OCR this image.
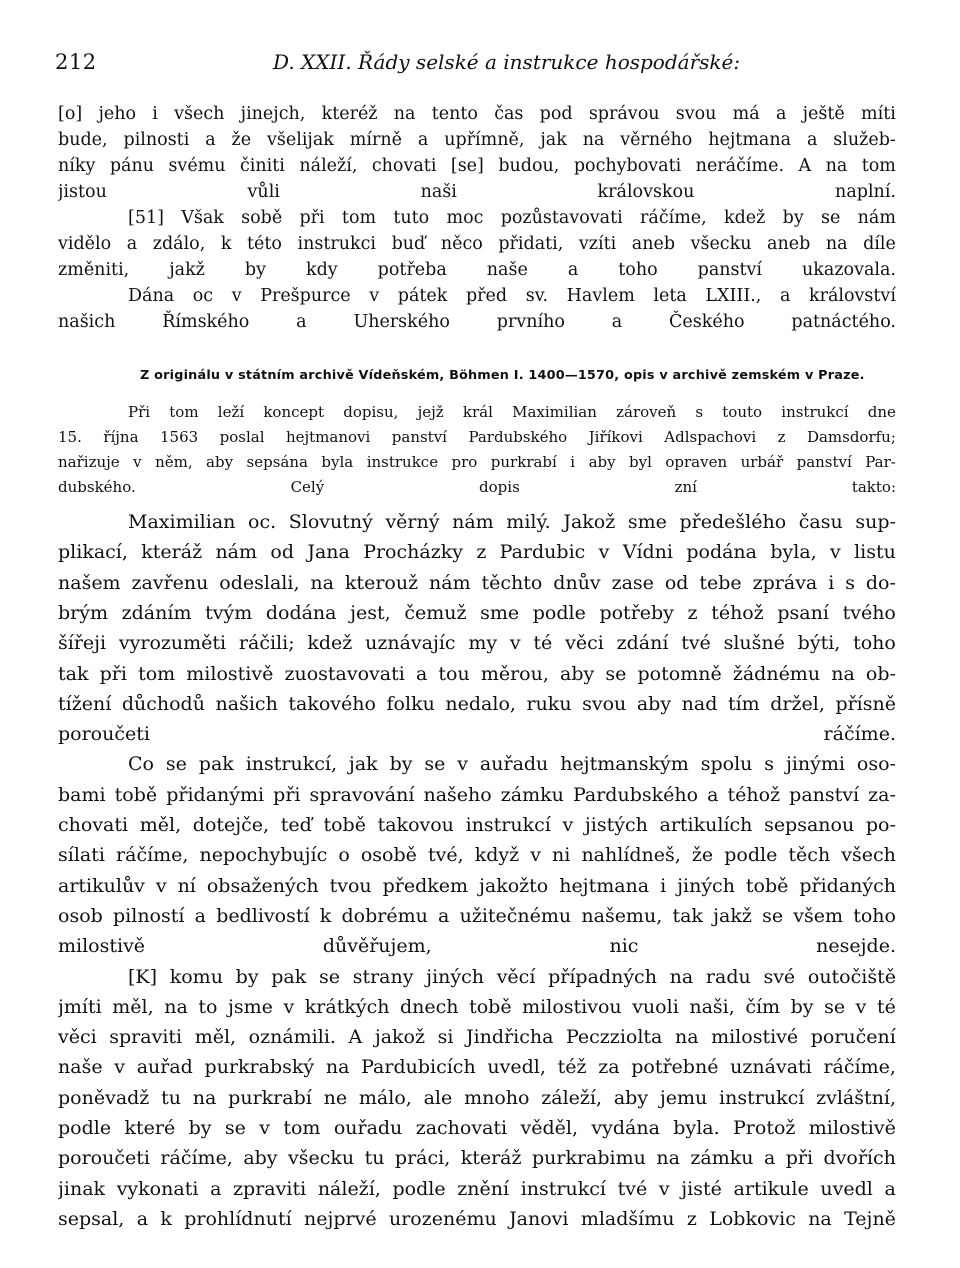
212	D. XXII. Řády selské a instrukce hospodářské:
[o] jeho i všech jinejch, kteréž na tento čas pod správou svou má a ještě míti
bude, pilnosti a že všelijak mírně a upřímně, jak na věrného hejtmana a služeb-
níky pánu svému činiti náleží, chovati [se] budou, pochybovati neráčíme. A na tom
jistou vůli naši královskou naplní.
[51] Však sobě při tom tuto moc pozůstavovati ráčíme, kdež by se nám
vidělo a zdálo, k této instrukci buď něco přidati, vzíti aneb všecku aneb na díle
změniti, jakž by kdy potřeba naše a toho panství ukazovala.
Dána oc v Prešpurce v pátek před sv. Havlem leta LXIII., a království
našich Římského a Uherského prvního a Českého patnáctého.
Z originálu v státním archivě Vídeňském, Böhmen I. 1400—1570, opis v archivě zemském v Praze.
Při tom leží koncept dopisu, jejž král Maximilian zároveň s touto instrukcí dne
15. října 1563 poslal hejtmanovi panství Pardubského Jiříkovi Adlspachovi z Damsdorfu;
nařizuje v něm, aby sepsána byla instrukce pro purkrabí i aby byl opraven urbář panství Par-
dubského. Celý dopis zní takto:
Maximilian oc. Slovutný věrný nám milý. Jakož sme předešlého času sup-
plikací, kteráž nám od Jana Procházky z Pardubic v Vídni podána byla, v listu
našem zavřenu odeslali, na kterouž nám těchto dnův zase od tebe zpráva i s do-
brým zdáním tvým dodána jest, čemuž sme podle potřeby z téhož psaní tvého
šířeji vyrozuměti ráčili; kdež uznávajíc my v té věci zdání tvé slušné býti, toho
tak při tom milostivě zuostavovati a tou měrou, aby se potomně žádnému na ob-
tížení důchodů našich takového folku nedalo, ruku svou aby nad tím držel, přísně
poroučeti ráčíme.
Co se pak instrukcí, jak by se v auřadu hejtmanským spolu s jinými oso-
bami tobě přidanými při spravování našeho zámku Pardubského a téhož panství za-
chovati měl, dotejče, teď tobě takovou instrukcí v jistých artikulích sepsanou po-
sílati ráčíme, nepochybujíc o osobě tvé, když v ni nahlídneš, že podle těch všech
artikulův v ní obsažených tvou předkem jakožto hejtmana i jiných tobě přidaných
osob pilností a bedlivostí k dobrému a užitečnému našemu, tak jakž se všem toho
milostivě důvěřujem, nic nesejde.
[K] komu by pak se strany jiných věcí případných na radu své outočiště
jmíti měl, na to jsme v krátkých dnech tobě milostivou vuoli naši, čím by se v té
věci spraviti měl, oznámili. A jakož si Jindřicha Peczziolta na milostivé poručení
naše v auřad purkrabský na Pardubicích uvedl, též za potřebné uznávati ráčíme,
poněvadž tu na purkrabí ne málo, ale mnoho záleží, aby jemu instrukcí zvláštní,
podle které by se v tom ouřadu zachovati věděl, vydána byla. Protož milostivě
poroučeti ráčíme, aby všecku tu práci, kteráž purkrabimu na zámku a při dvořích
jinak vykonati a zpraviti náleží, podle znění instrukcí tvé v jisté artikule uvedl a
sepsal, a k prohlídnutí nejprvé urozenému Janovi mladšímu z Lobkovic na Tejně
